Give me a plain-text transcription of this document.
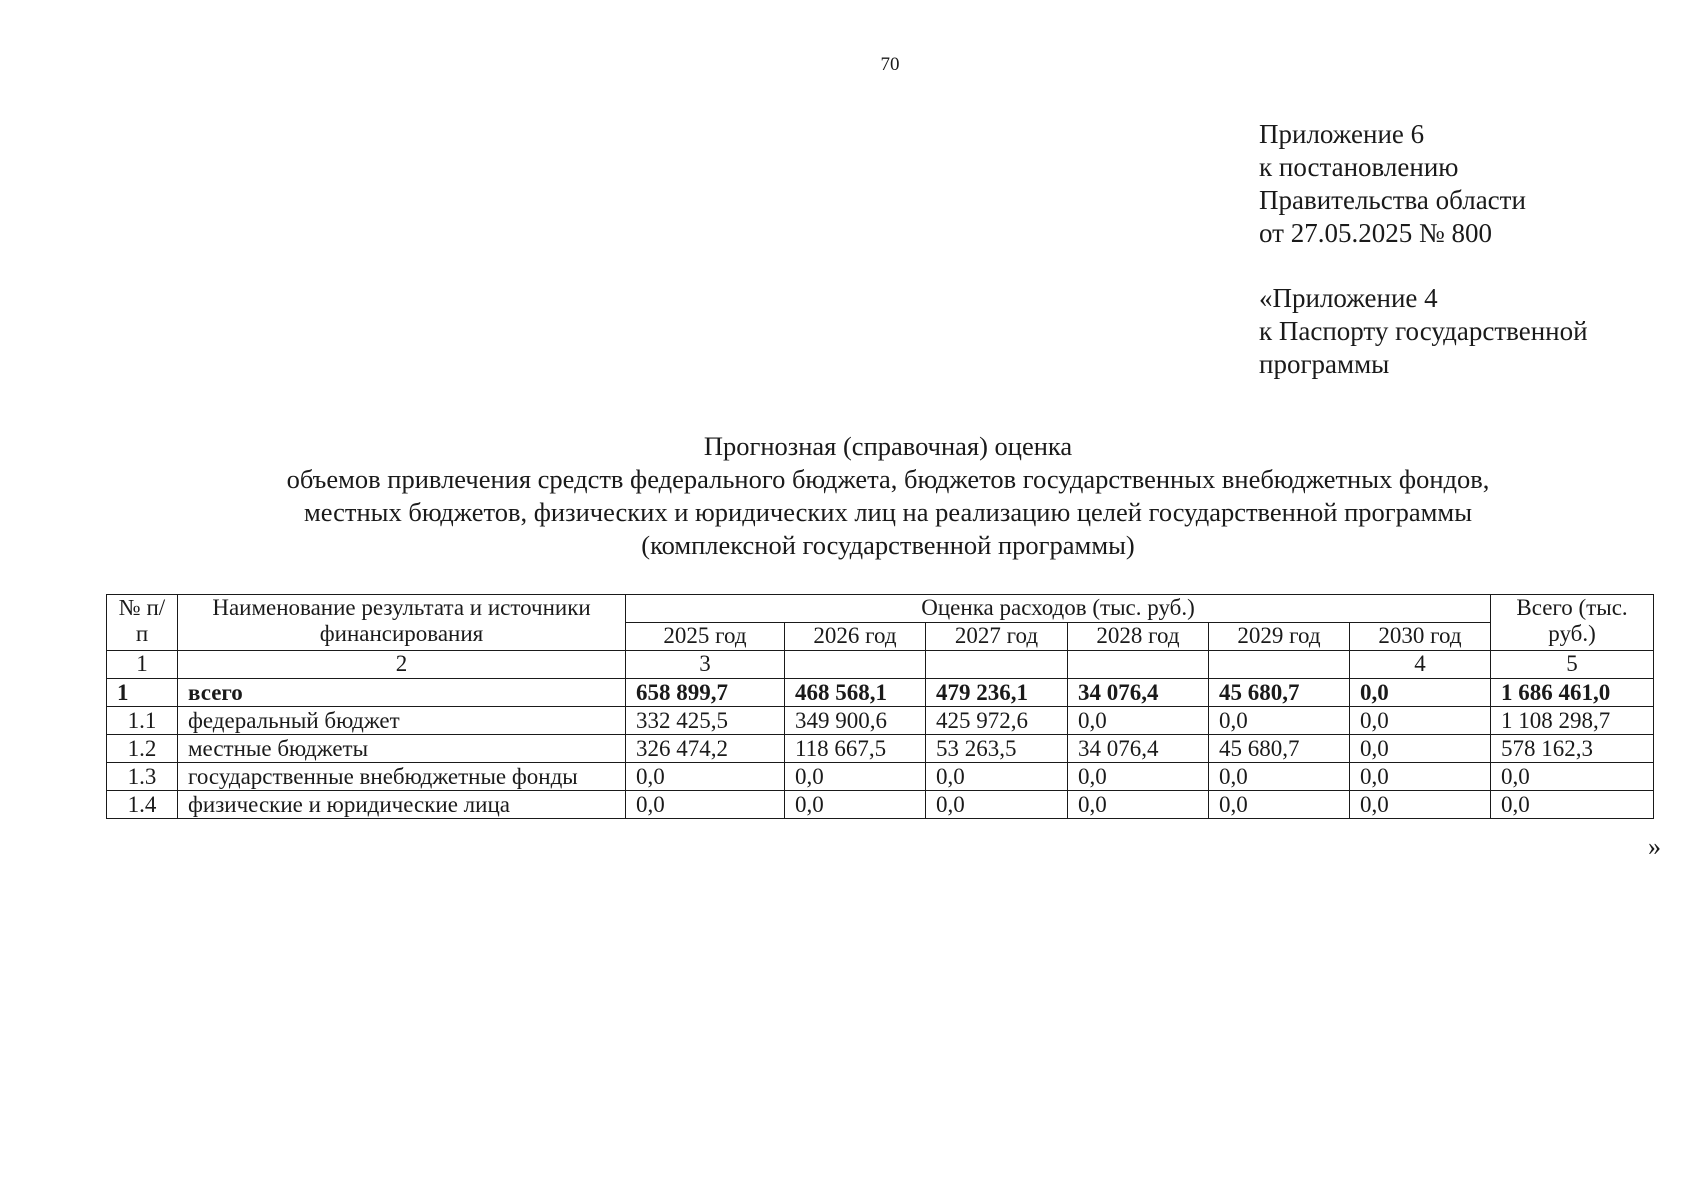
70
Приложение 6
к постановлению
Правительства области
от 27.05.2025 № 800
«Приложение 4
к Паспорту государственной
программы
Прогнозная (справочная) оценка
объемов привлечения средств федерального бюджета, бюджетов государственных внебюджетных фондов,
местных бюджетов, физических и юридических лиц на реализацию целей государственной программы
(комплексной государственной программы)
№ п/п	Наименование результата и источники финансирования	Оценка расходов (тыс. руб.)						Всего (тыс. руб.)
		2025 год	2026 год	2027 год	2028 год	2029 год	2030 год	
1	2	3					4	5
1	всего	658 899,7	468 568,1	479 236,1	34 076,4	45 680,7	0,0	1 686 461,0
1.1	федеральный бюджет	332 425,5	349 900,6	425 972,6	0,0	0,0	0,0	1 108 298,7
1.2	местные бюджеты	326 474,2	118 667,5	53 263,5	34 076,4	45 680,7	0,0	578 162,3
1.3	государственные внебюджетные фонды	0,0	0,0	0,0	0,0	0,0	0,0	0,0
1.4	физические и юридические лица	0,0	0,0	0,0	0,0	0,0	0,0	0,0
»
